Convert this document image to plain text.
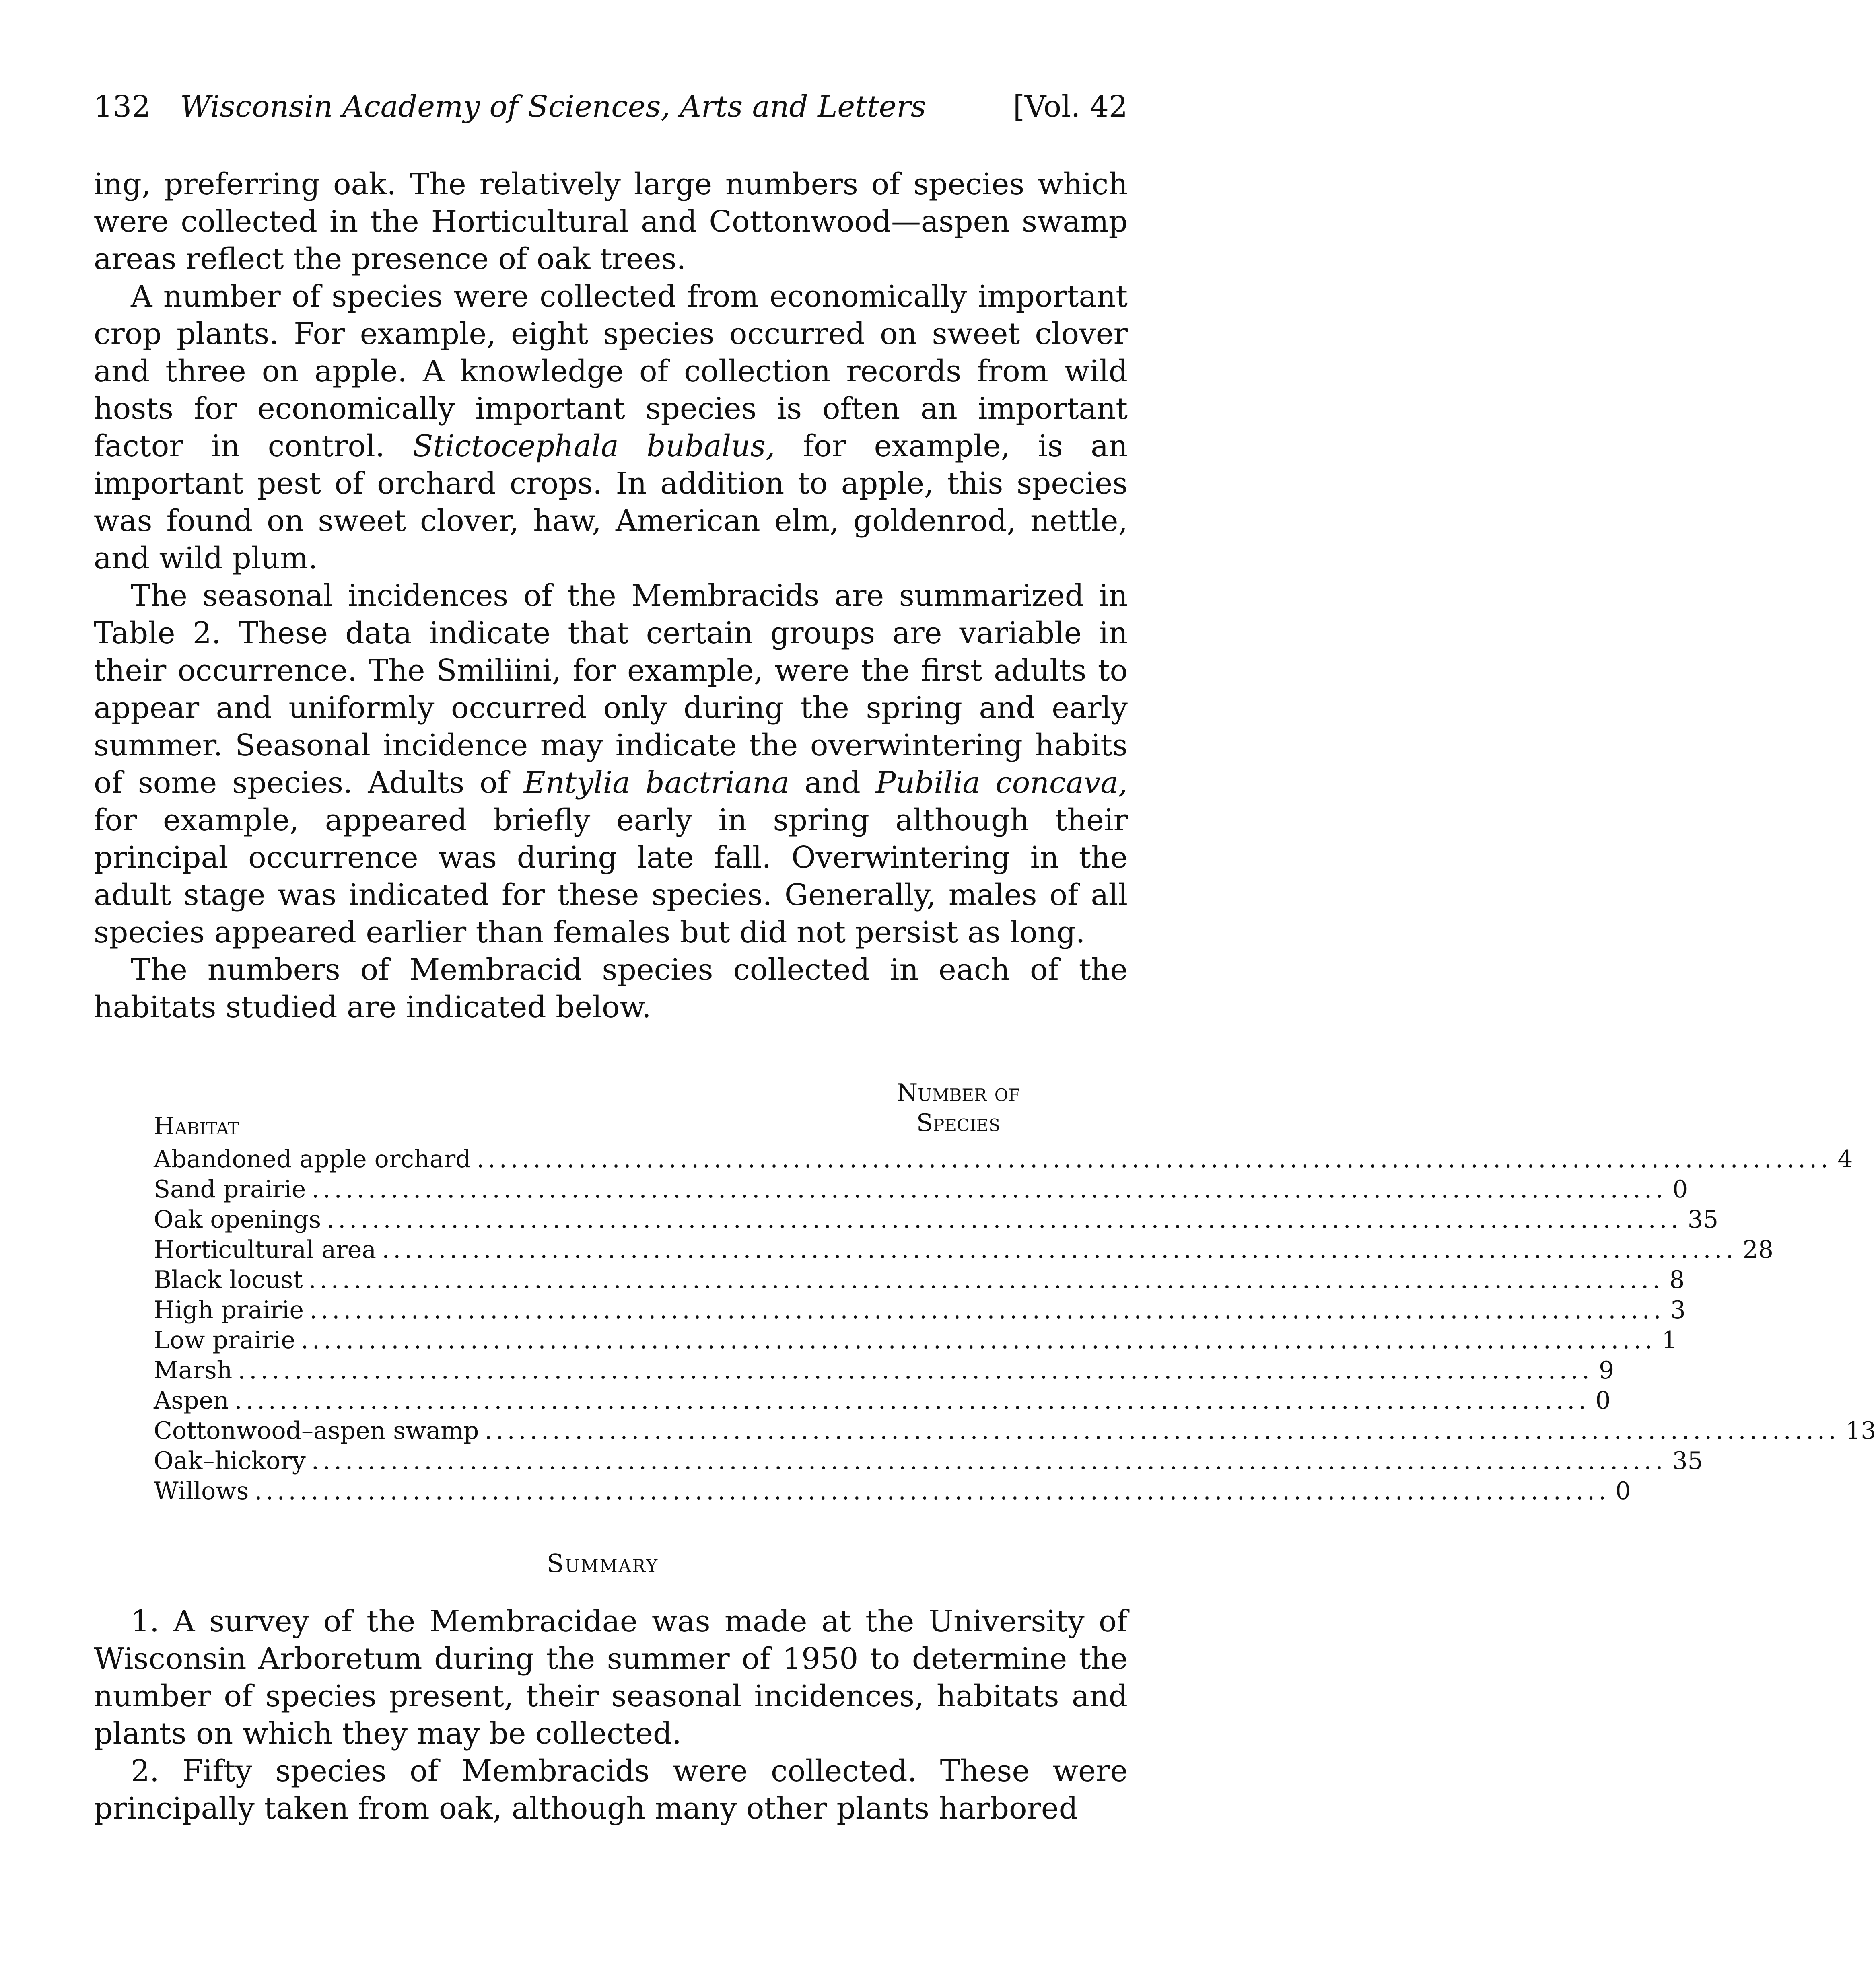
132 Wisconsin Academy of Sciences, Arts and Letters	[Vol. 42

ing, preferring oak. The relatively large numbers of species which were collected in the Horticultural and Cottonwood—aspen swamp areas reflect the presence of oak trees.

A number of species were collected from economically important crop plants. For example, eight species occurred on sweet clover and three on apple. A knowledge of collection records from wild hosts for economically important species is often an important factor in control. Stictocephala bubalus, for example, is an important pest of orchard crops. In addition to apple, this species was found on sweet clover, haw, American elm, goldenrod, nettle, and wild plum.

The seasonal incidences of the Membracids are summarized in Table 2. These data indicate that certain groups are variable in their occurrence. The Smiliini, for example, were the first adults to appear and uniformly occurred only during the spring and early summer. Seasonal incidence may indicate the overwintering habits of some species. Adults of Entylia bactriana and Pubilia concava, for example, appeared briefly early in spring although their principal occurrence was during late fall. Overwintering in the adult stage was indicated for these species. Generally, males of all species appeared earlier than females but did not persist as long.

The numbers of Membracid species collected in each of the habitats studied are indicated below.

Habitat
Number of
Species
Abandoned apple orchard ........................................................................................................................ 4
Sand prairie ........................................................................................................................ 0
Oak openings ........................................................................................................................ 35
Horticultural area ........................................................................................................................ 28
Black locust ........................................................................................................................ 8
High prairie ........................................................................................................................ 3
Low prairie ........................................................................................................................ 1
Marsh ........................................................................................................................ 9
Aspen ........................................................................................................................ 0
Cottonwood–aspen swamp ........................................................................................................................ 13
Oak–hickory ........................................................................................................................ 35
Willows ........................................................................................................................ 0
Summary

1. A survey of the Membracidae was made at the University of Wisconsin Arboretum during the summer of 1950 to determine the number of species present, their seasonal incidences, habitats and plants on which they may be collected.

2. Fifty species of Membracids were collected. These were principally taken from oak, although many other plants harbored
